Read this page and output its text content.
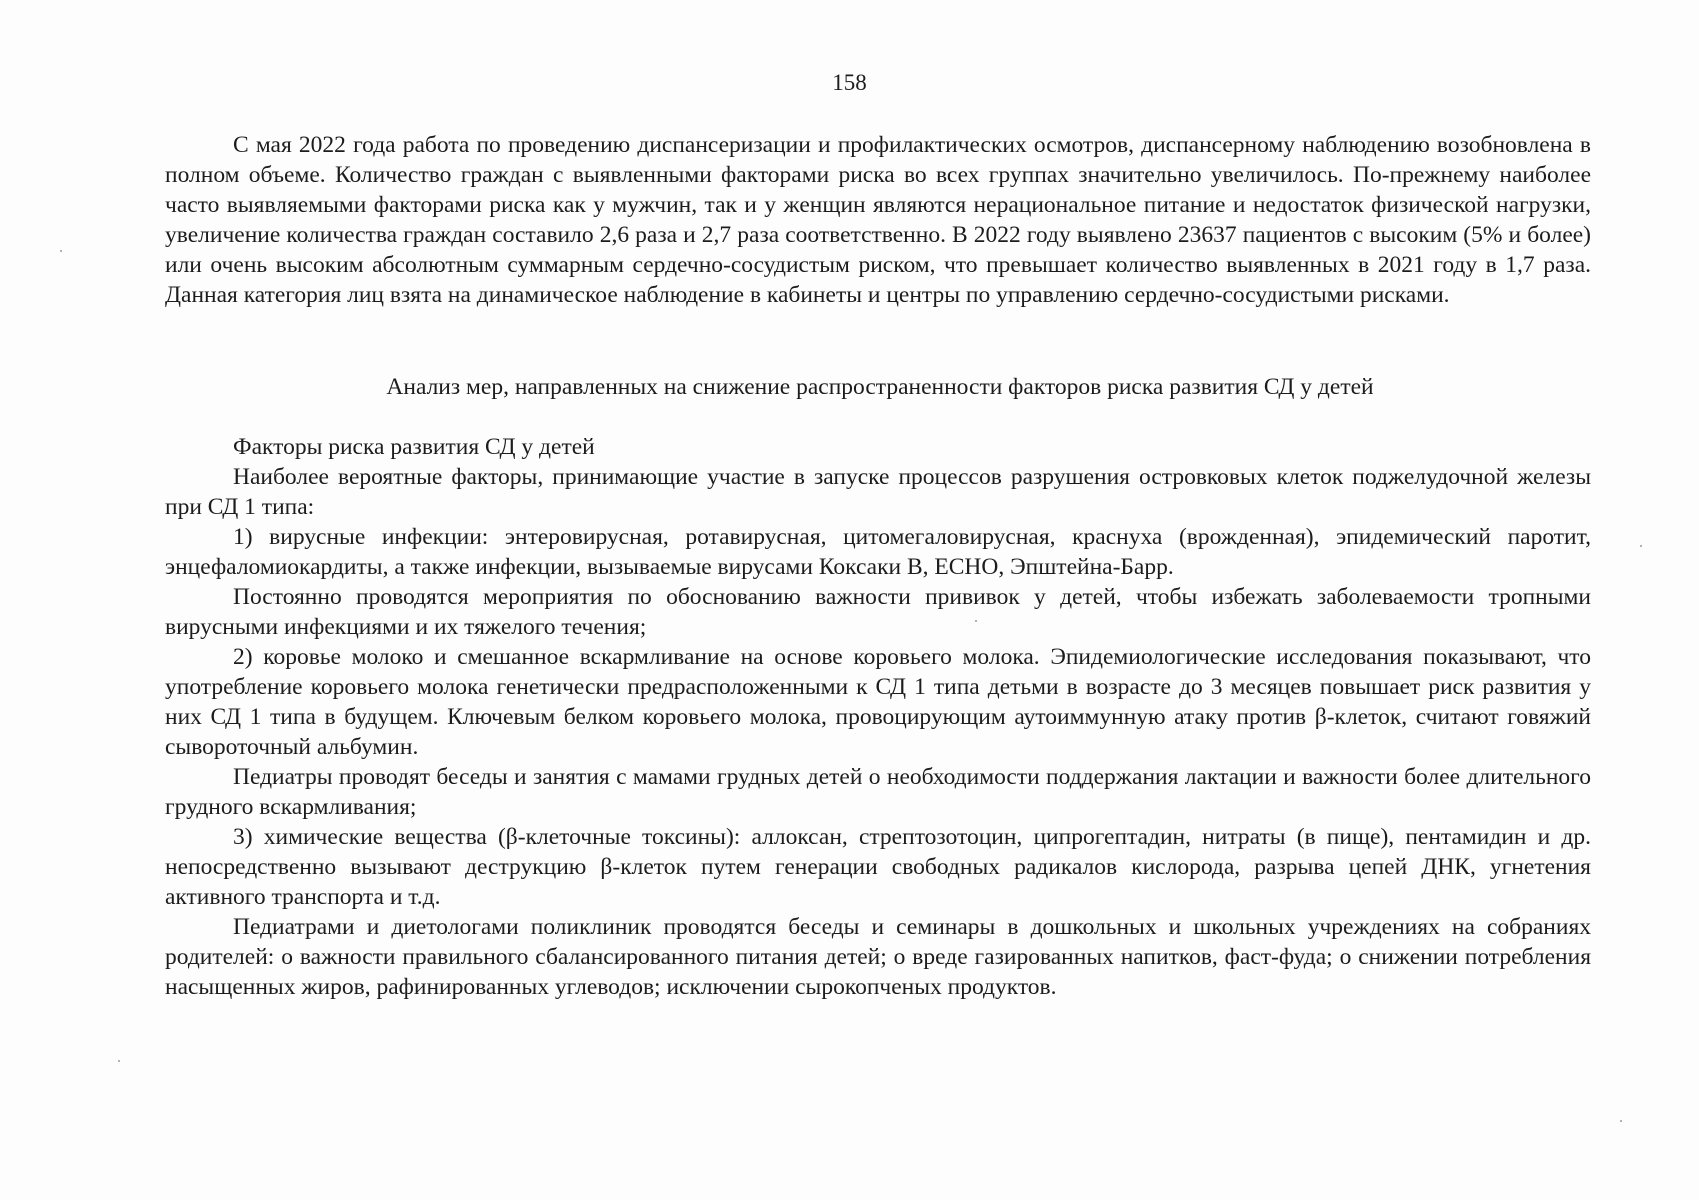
158

С мая 2022 года работа по проведению диспансеризации и профилактических осмотров, диспансерному наблюдению возобновлена в полном объеме. Количество граждан с выявленными факторами риска во всех группах значительно увеличилось. По-прежнему наиболее часто выявляемыми факторами риска как у мужчин, так и у женщин являются нерациональное питание и недостаток физической нагрузки, увеличение количества граждан составило 2,6 раза и 2,7 раза соответственно. В 2022 году выявлено 23637 пациентов с высоким (5% и более) или очень высоким абсолютным суммарным сердечно-сосудистым риском, что превышает количество выявленных в 2021 году в 1,7 раза. Данная категория лиц взята на динамическое наблюдение в кабинеты и центры по управлению сердечно-сосудистыми рисками.

Анализ мер, направленных на снижение распространенности факторов риска развития СД у детей

Факторы риска развития СД у детей

Наиболее вероятные факторы, принимающие участие в запуске процессов разрушения островковых клеток поджелудочной железы при СД 1 типа:

1) вирусные инфекции: энтеровирусная, ротавирусная, цитомегаловирусная, краснуха (врожденная), эпидемический паротит, энцефаломиокардиты, а также инфекции, вызываемые вирусами Коксаки В, ECHO, Эпштейна-Барр.

Постоянно проводятся мероприятия по обоснованию важности прививок у детей, чтобы избежать заболеваемости тропными вирусными инфекциями и их тяжелого течения;

2) коровье молоко и смешанное вскармливание на основе коровьего молока. Эпидемиологические исследования показывают, что употребление коровьего молока генетически предрасположенными к СД 1 типа детьми в возрасте до 3 месяцев повышает риск развития у них СД 1 типа в будущем. Ключевым белком коровьего молока, провоцирующим аутоиммунную атаку против β-клеток, считают говяжий сывороточный альбумин.

Педиатры проводят беседы и занятия с мамами грудных детей о необходимости поддержания лактации и важности более длительного грудного вскармливания;

3) химические вещества (β-клеточные токсины): аллоксан, стрептозотоцин, ципрогептадин, нитраты (в пище), пентамидин и др. непосредственно вызывают деструкцию β-клеток путем генерации свободных радикалов кислорода, разрыва цепей ДНК, угнетения активного транспорта и т.д.

Педиатрами и диетологами поликлиник проводятся беседы и семинары в дошкольных и школьных учреждениях на собраниях родителей: о важности правильного сбалансированного питания детей; о вреде газированных напитков, фаст-фуда; о снижении потребления насыщенных жиров, рафинированных углеводов; исключении сырокопченых продуктов.
